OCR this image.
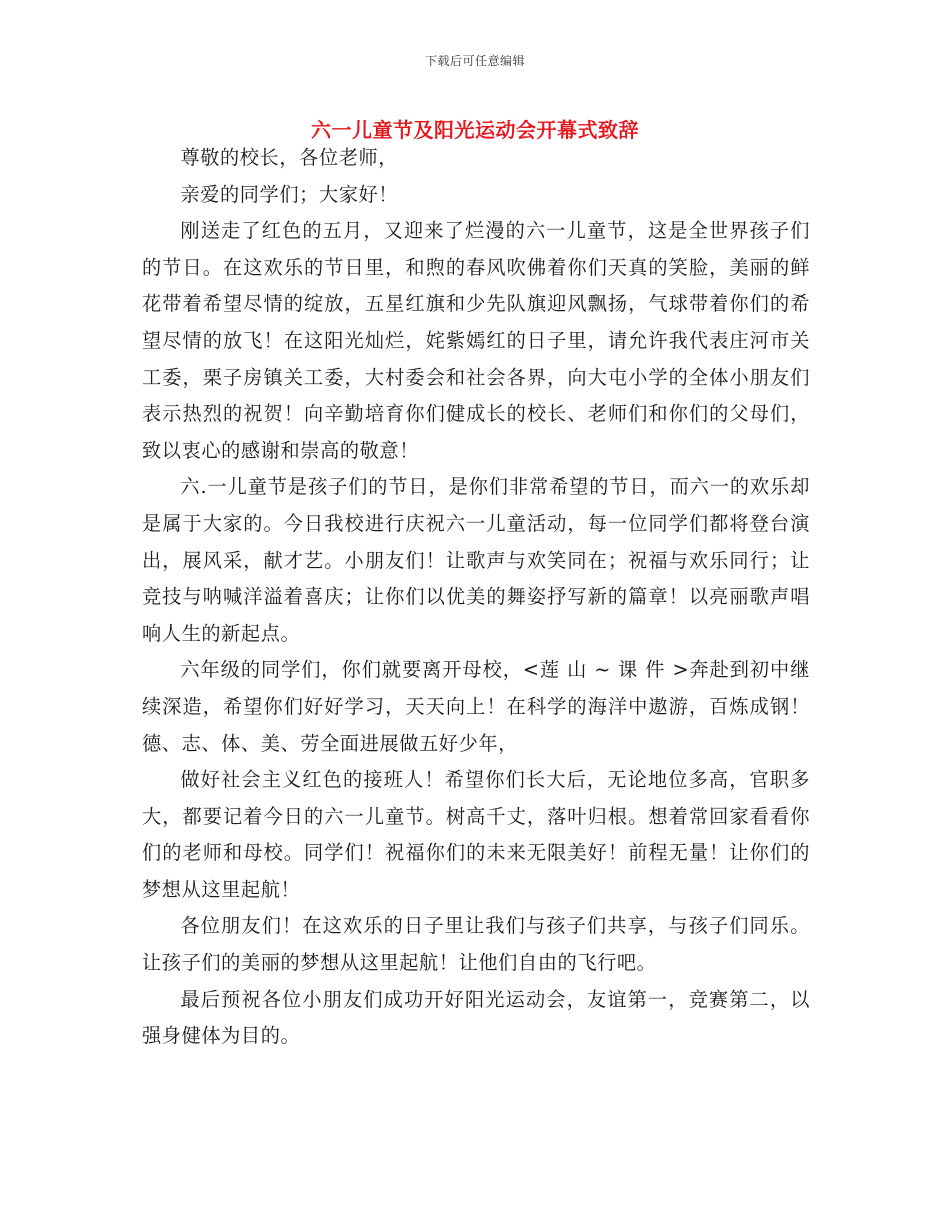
下载后可任意编辑
六一儿童节及阳光运动会开幕式致辞

尊敬的校长，各位老师，

亲爱的同学们；大家好！

刚送走了红色的五月，又迎来了烂漫的六一儿童节，这是全世界孩子们的节日。在这欢乐的节日里，和煦的春风吹佛着你们天真的笑脸，美丽的鲜花带着希望尽情的绽放，五星红旗和少先队旗迎风飘扬，气球带着你们的希望尽情的放飞！在这阳光灿烂，姹紫嫣红的日子里，请允许我代表庄河市关工委，栗子房镇关工委，大村委会和社会各界，向大屯小学的全体小朋友们表示热烈的祝贺！向辛勤培育你们健成长的校长、老师们和你们的父母们，致以衷心的感谢和崇高的敬意！

六.一儿童节是孩子们的节日，是你们非常希望的节日，而六一的欢乐却是属于大家的。今日我校进行庆祝六一儿童活动，每一位同学们都将登台演出，展风采，献才艺。小朋友们！让歌声与欢笑同在；祝福与欢乐同行；让竞技与呐喊洋溢着喜庆；让你们以优美的舞姿抒写新的篇章！以亮丽歌声唱响人生的新起点。

六年级的同学们，你们就要离开母校，<莲 山 ~ 课 件 >奔赴到初中继续深造，希望你们好好学习，天天向上！在科学的海洋中遨游，百炼成钢！德、志、体、美、劳全面进展做五好少年，

做好社会主义红色的接班人！希望你们长大后，无论地位多高，官职多大，都要记着今日的六一儿童节。树高千丈，落叶归根。想着常回家看看你们的老师和母校。同学们！祝福你们的未来无限美好！前程无量！让你们的梦想从这里起航！

各位朋友们！在这欢乐的日子里让我们与孩子们共享，与孩子们同乐。让孩子们的美丽的梦想从这里起航！让他们自由的飞行吧。

最后预祝各位小朋友们成功开好阳光运动会，友谊第一，竞赛第二，以强身健体为目的。
